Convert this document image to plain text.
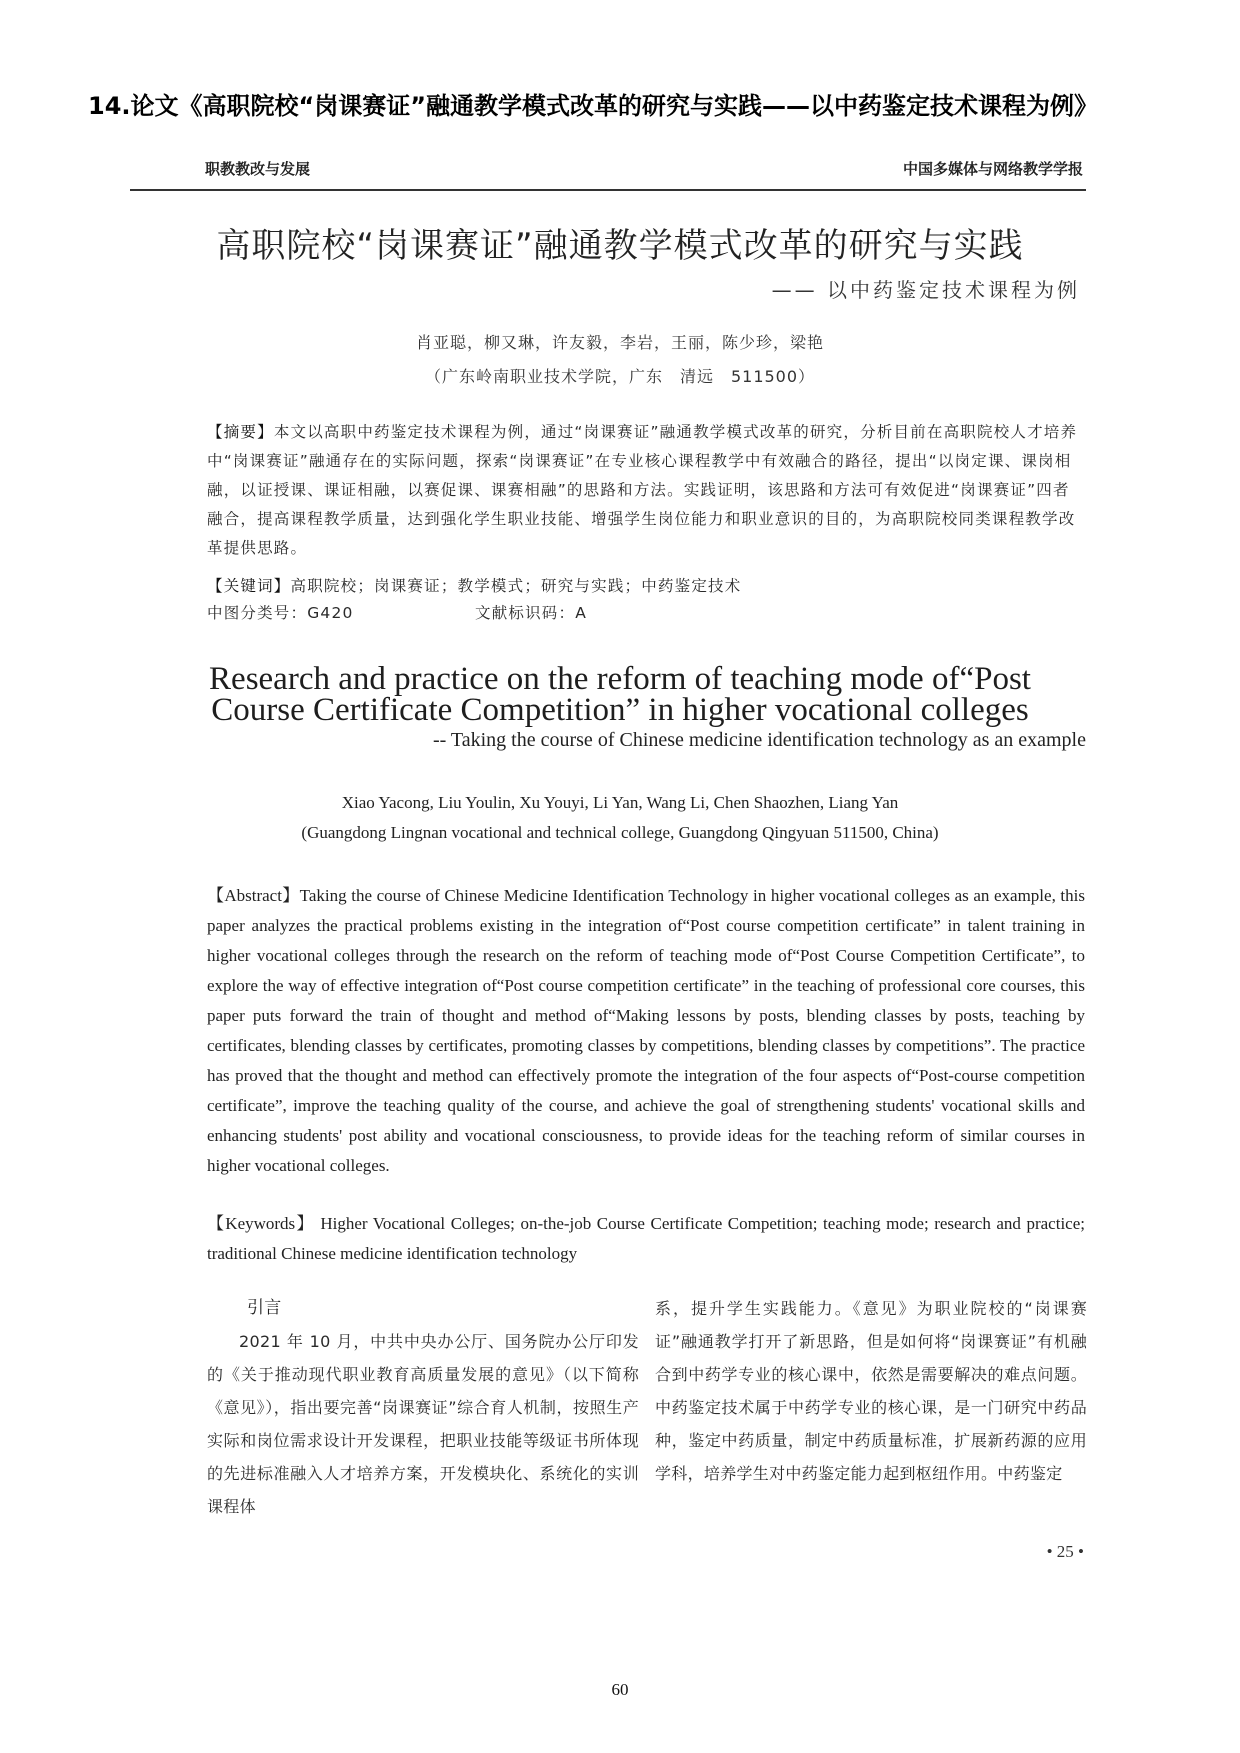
14.论文《高职院校“岗课赛证”融通教学模式改革的研究与实践——以中药鉴定技术课程为例》
职教教改与发展	中国多媒体与网络教学学报
高职院校“岗课赛证”融通教学模式改革的研究与实践
—— 以中药鉴定技术课程为例
肖亚聪，柳又琳，许友毅，李岩，王丽，陈少珍，梁艳
（广东岭南职业技术学院，广东　清远　511500）
【摘要】本文以高职中药鉴定技术课程为例，通过“岗课赛证”融通教学模式改革的研究，分析目前在高职院校人才培养中“岗课赛证”融通存在的实际问题，探索“岗课赛证”在专业核心课程教学中有效融合的路径，提出“以岗定课、课岗相融，以证授课、课证相融，以赛促课、课赛相融”的思路和方法。实践证明，该思路和方法可有效促进“岗课赛证”四者融合，提高课程教学质量，达到强化学生职业技能、增强学生岗位能力和职业意识的目的，为高职院校同类课程教学改革提供思路。
【关键词】高职院校；岗课赛证；教学模式；研究与实践；中药鉴定技术
中图分类号：G420	文献标识码：A
Research and practice on the reform of teaching mode of“Post
Course Certificate Competition” in higher vocational colleges
-- Taking the course of Chinese medicine identification technology as an example
Xiao Yacong, Liu Youlin, Xu Youyi, Li Yan, Wang Li, Chen Shaozhen, Liang Yan
(Guangdong Lingnan vocational and technical college, Guangdong Qingyuan 511500, China)
【Abstract】Taking the course of Chinese Medicine Identification Technology in higher vocational colleges as an example, this paper analyzes the practical problems existing in the integration of“Post course competition certificate” in talent training in higher vocational colleges through the research on the reform of teaching mode of“Post Course Competition Certificate”, to explore the way of effective integration of“Post course competition certificate” in the teaching of professional core courses, this paper puts forward the train of thought and method of“Making lessons by posts, blending classes by posts, teaching by certificates, blending classes by certificates, promoting classes by competitions, blending classes by competitions”. The practice has proved that the thought and method can effectively promote the integration of the four aspects of“Post-course competition certificate”, improve the teaching quality of the course, and achieve the goal of strengthening students' vocational skills and enhancing students' post ability and vocational consciousness, to provide ideas for the teaching reform of similar courses in higher vocational colleges.
【Keywords】 Higher Vocational Colleges; on-the-job Course Certificate Competition; teaching mode; research and practice; traditional Chinese medicine identification technology
引言
2021 年 10 月，中共中央办公厅、国务院办公厅印发的《关于推动现代职业教育高质量发展的意见》（以下简称《意见》），指出要完善“岗课赛证”综合育人机制，按照生产实际和岗位需求设计开发课程，把职业技能等级证书所体现的先进标准融入人才培养方案，开发模块化、系统化的实训课程体
系，提升学生实践能力。《意见》为职业院校的“岗课赛证”融通教学打开了新思路，但是如何将“岗课赛证”有机融合到中药学专业的核心课中，依然是需要解决的难点问题。中药鉴定技术属于中药学专业的核心课，是一门研究中药品种，鉴定中药质量，制定中药质量标准，扩展新药源的应用学科，培养学生对中药鉴定能力起到枢纽作用。中药鉴定
• 25 •
60
